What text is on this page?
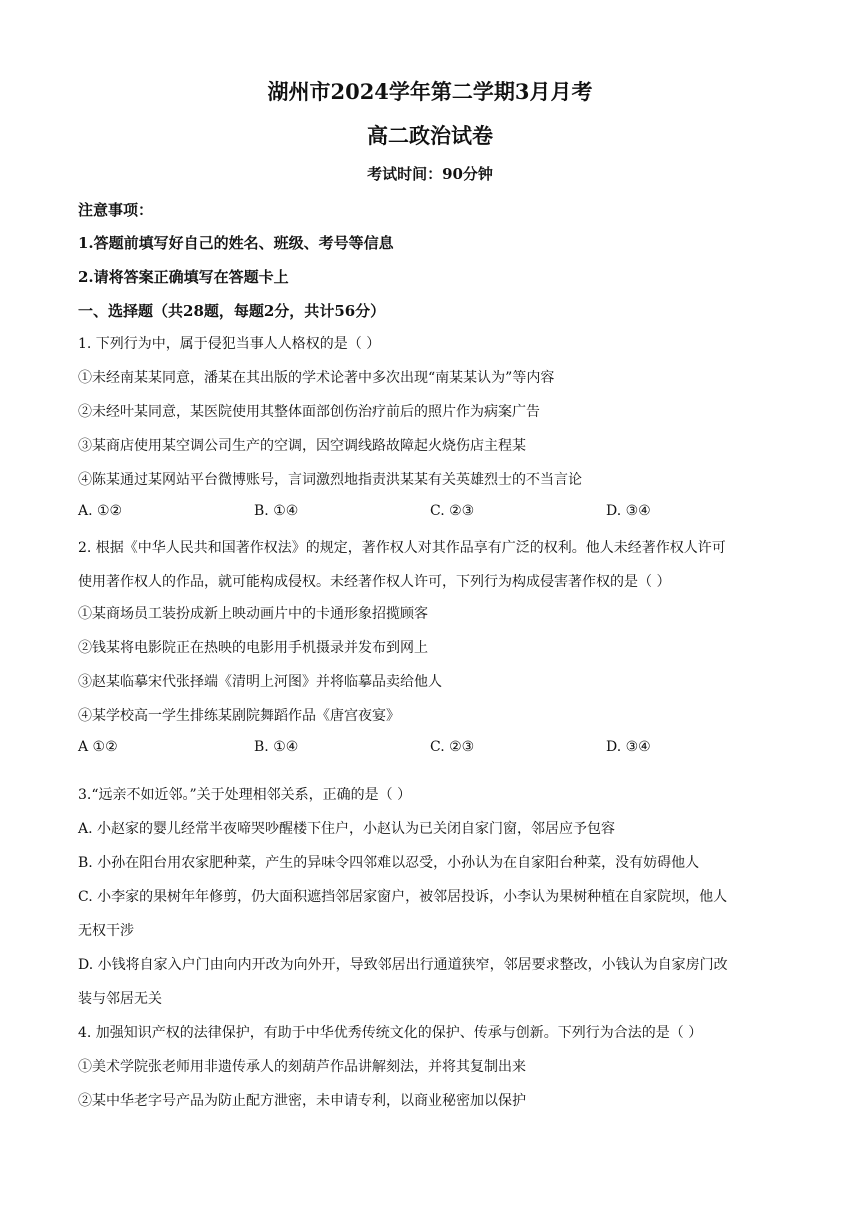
湖州市2024学年第二学期3月月考
高二政治试卷
考试时间：90分钟
注意事项：
1.答题前填写好自己的姓名、班级、考号等信息
2.请将答案正确填写在答题卡上
一、选择题（共28题，每题2分，共计56分）
1. 下列行为中，属于侵犯当事人人格权的是（ ）
①未经南某某同意，潘某在其出版的学术论著中多次出现“南某某认为”等内容
②未经叶某同意，某医院使用其整体面部创伤治疗前后的照片作为病案广告
③某商店使用某空调公司生产的空调，因空调线路故障起火烧伤店主程某
④陈某通过某网站平台微博账号，言词激烈地指责洪某某有关英雄烈士的不当言论
A. ①②	B. ①④	C. ②③	D. ③④
2. 根据《中华人民共和国著作权法》的规定，著作权人对其作品享有广泛的权利。他人未经著作权人许可
使用著作权人的作品，就可能构成侵权。未经著作权人许可，下列行为构成侵害著作权的是（ ）
①某商场员工装扮成新上映动画片中的卡通形象招揽顾客
②钱某将电影院正在热映的电影用手机摄录并发布到网上
③赵某临摹宋代张择端《清明上河图》并将临摹品卖给他人
④某学校高一学生排练某剧院舞蹈作品《唐宫夜宴》
A ①②	B. ①④	C. ②③	D. ③④
3.“远亲不如近邻。”关于处理相邻关系，正确的是（ ）
A. 小赵家的婴儿经常半夜啼哭吵醒楼下住户，小赵认为已关闭自家门窗，邻居应予包容
B. 小孙在阳台用农家肥种菜，产生的异味令四邻难以忍受，小孙认为在自家阳台种菜，没有妨碍他人
C. 小李家的果树年年修剪，仍大面积遮挡邻居家窗户，被邻居投诉，小李认为果树种植在自家院坝，他人
无权干涉
D. 小钱将自家入户门由向内开改为向外开，导致邻居出行通道狭窄，邻居要求整改，小钱认为自家房门改
装与邻居无关
4. 加强知识产权的法律保护，有助于中华优秀传统文化的保护、传承与创新。下列行为合法的是（ ）
①美术学院张老师用非遗传承人的刻葫芦作品讲解刻法，并将其复制出来
②某中华老字号产品为防止配方泄密，未申请专利，以商业秘密加以保护
